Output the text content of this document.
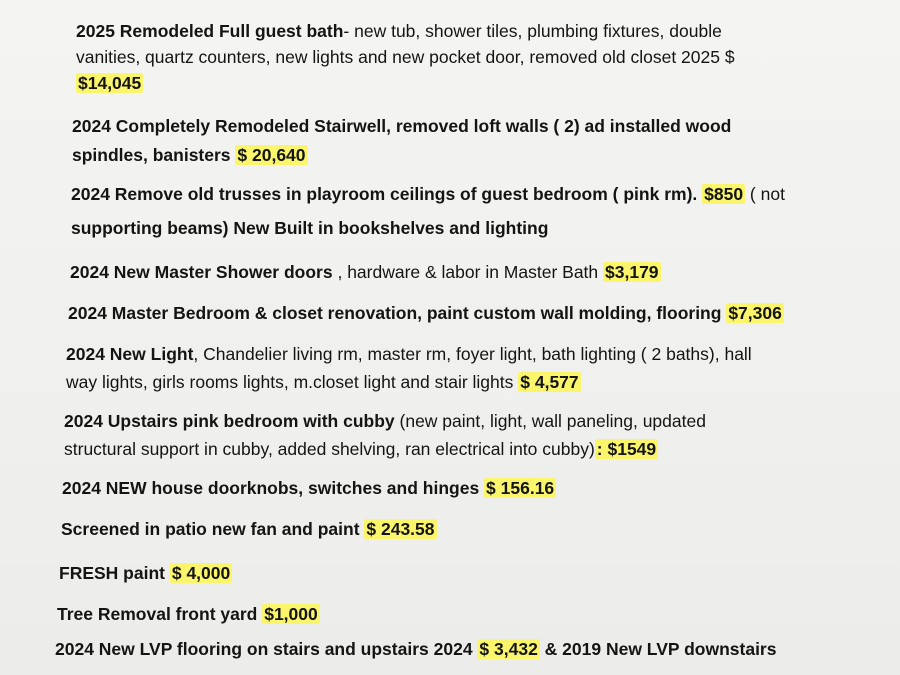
2025 Remodeled Full guest bath- new tub, shower tiles, plumbing fixtures, double
vanities, quartz counters, new lights and new pocket door, removed old closet 2025 $
$14,045
2024 Completely Remodeled Stairwell, removed loft walls ( 2) ad installed wood
spindles, banisters $ 20,640
2024 Remove old trusses in playroom ceilings of guest bedroom ( pink rm). $850 ( not
supporting beams) New Built in bookshelves and lighting
2024 New Master Shower doors , hardware & labor in Master Bath $3,179
2024 Master Bedroom & closet renovation, paint custom wall molding, flooring $7,306
2024 New Light, Chandelier living rm, master rm, foyer light, bath lighting ( 2 baths), hall
way lights, girls rooms lights, m.closet light and stair lights $ 4,577
2024 Upstairs pink bedroom with cubby (new paint, light, wall paneling, updated
structural support in cubby, added shelving, ran electrical into cubby) : $1549
2024 NEW house doorknobs, switches and hinges $ 156.16
Screened in patio new fan and paint $ 243.58
FRESH paint $ 4,000
Tree Removal front yard $1,000
2024 New LVP flooring on stairs and upstairs 2024 $ 3,432 & 2019 New LVP downstairs
